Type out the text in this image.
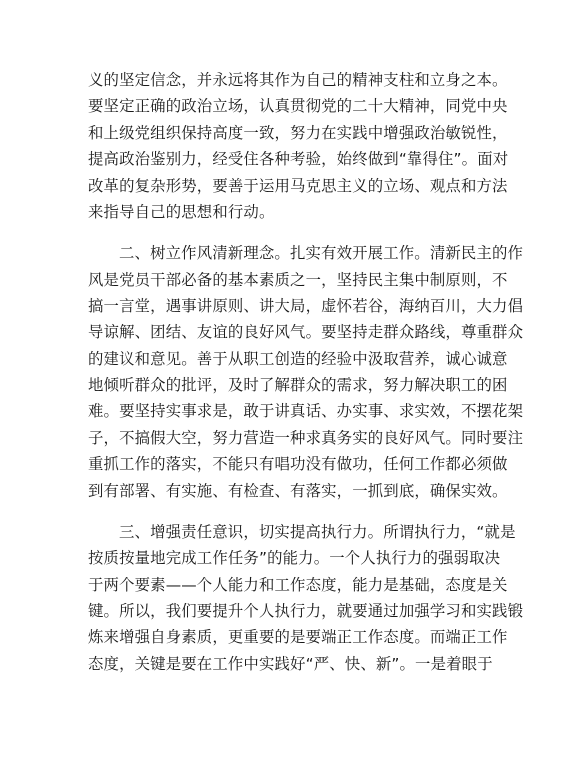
义的坚定信念，并永远将其作为自己的精神支柱和立身之本。
要坚定正确的政治立场，认真贯彻党的二十大精神，同党中央
和上级党组织保持高度一致，努力在实践中增强政治敏锐性，
提高政治鉴别力，经受住各种考验，始终做到“靠得住”。面对
改革的复杂形势，要善于运用马克思主义的立场、观点和方法
来指导自己的思想和行动。
二、树立作风清新理念。扎实有效开展工作。清新民主的作
风是党员干部必备的基本素质之一，坚持民主集中制原则，不
搞一言堂，遇事讲原则、讲大局，虚怀若谷，海纳百川，大力倡
导谅解、团结、友谊的良好风气。要坚持走群众路线，尊重群众
的建议和意见。善于从职工创造的经验中汲取营养，诚心诚意
地倾听群众的批评，及时了解群众的需求，努力解决职工的困
难。要坚持实事求是，敢于讲真话、办实事、求实效，不摆花架
子，不搞假大空，努力营造一种求真务实的良好风气。同时要注
重抓工作的落实，不能只有唱功没有做功，任何工作都必须做
到有部署、有实施、有检查、有落实，一抓到底，确保实效。
三、增强责任意识，切实提高执行力。所谓执行力，“就是
按质按量地完成工作任务”的能力。一个人执行力的强弱取决
于两个要素——个人能力和工作态度，能力是基础，态度是关
键。所以，我们要提升个人执行力，就要通过加强学习和实践锻
炼来增强自身素质，更重要的是要端正工作态度。而端正工作
态度，关键是要在工作中实践好“严、快、新”。一是着眼于
